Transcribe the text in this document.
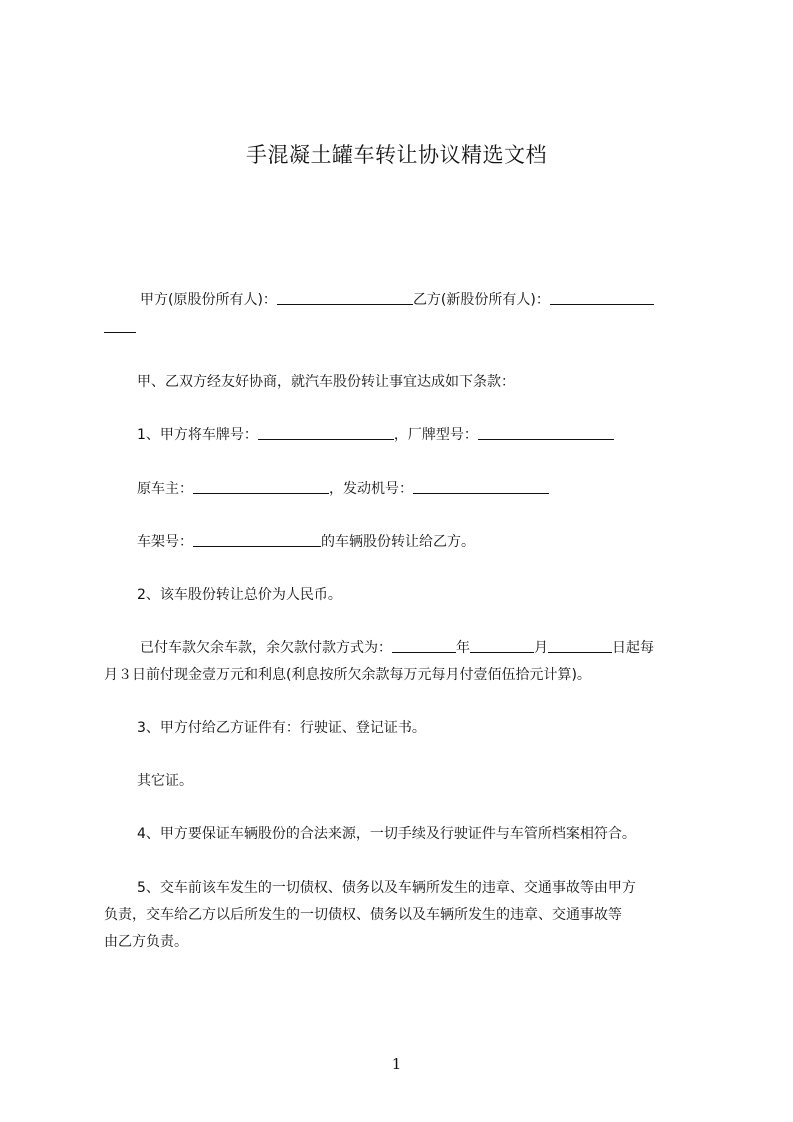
手混凝土罐车转让协议精选文档
甲方(原股份所有人)：	乙方(新股份所有人)：
甲、乙双方经友好协商，就汽车股份转让事宜达成如下条款：
1、甲方将车牌号：	，厂牌型号：
原车主：	，发动机号：
车架号：	的车辆股份转让给乙方。
2、该车股份转让总价为人民币。
已付车款欠余车款，余欠款付款方式为：	年	月	日起每
月３日前付现金壹万元和利息(利息按所欠余款每万元每月付壹佰伍拾元计算)。
3、甲方付给乙方证件有：行驶证、登记证书。
其它证。
4、甲方要保证车辆股份的合法来源，一切手续及行驶证件与车管所档案相符合。
5、交车前该车发生的一切债权、债务以及车辆所发生的违章、交通事故等由甲方
负责，交车给乙方以后所发生的一切债权、债务以及车辆所发生的违章、交通事故等
由乙方负责。
1
